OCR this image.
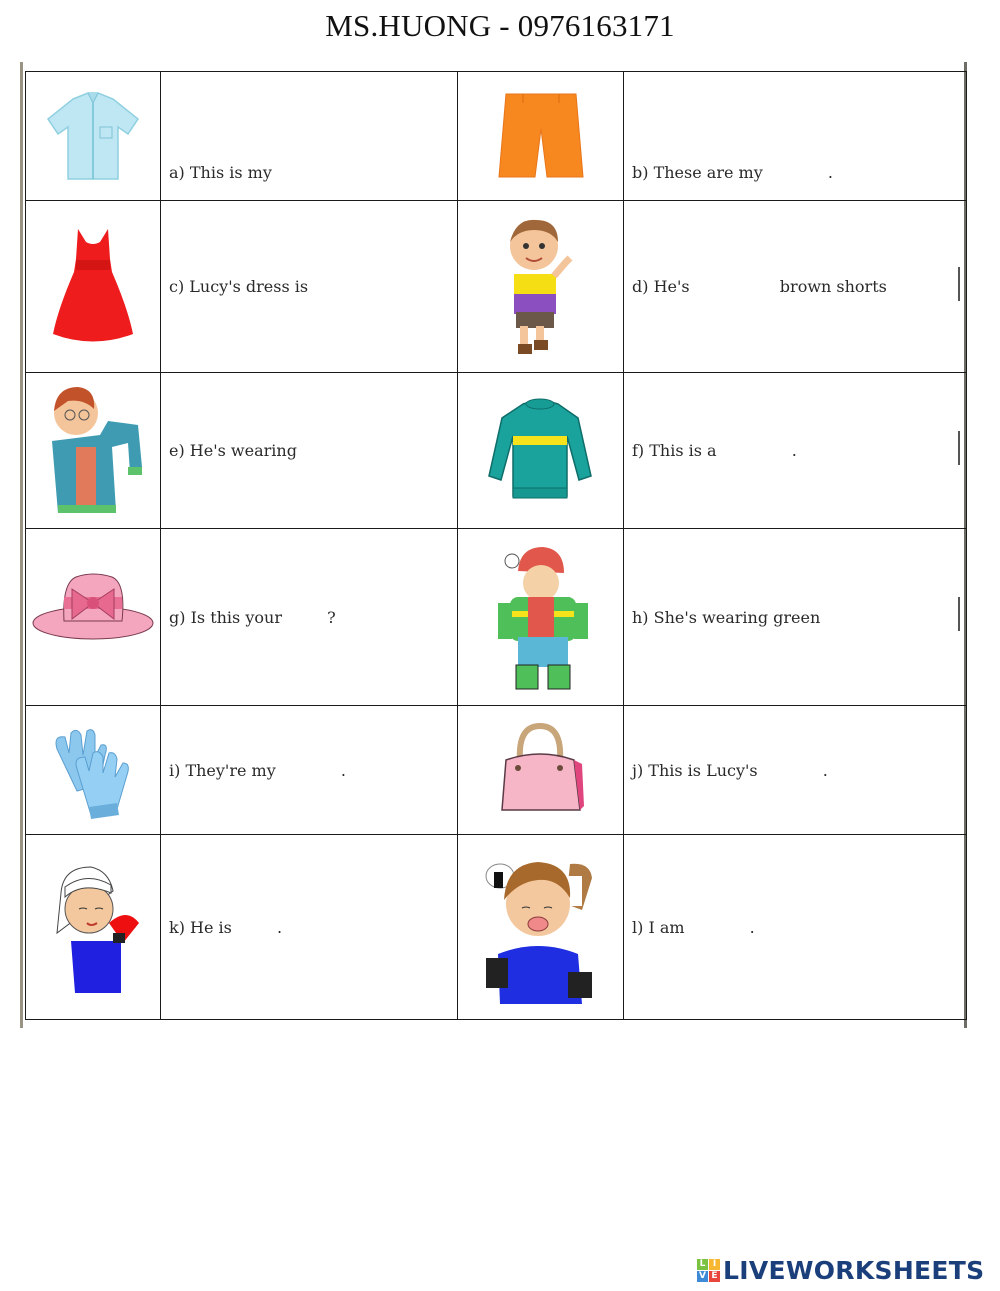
MS.HUONG - 0976163171

a) This is my		b) These are my .

c) Lucy's dress is		d) He's brown shorts

e) He's wearing		f) This is a .

g) Is this your ?		h) She's wearing green

i) They're my .		j) This is Lucy's .

k) He is .		l) I am .
L I
V E LIVEWORKSHEETS
